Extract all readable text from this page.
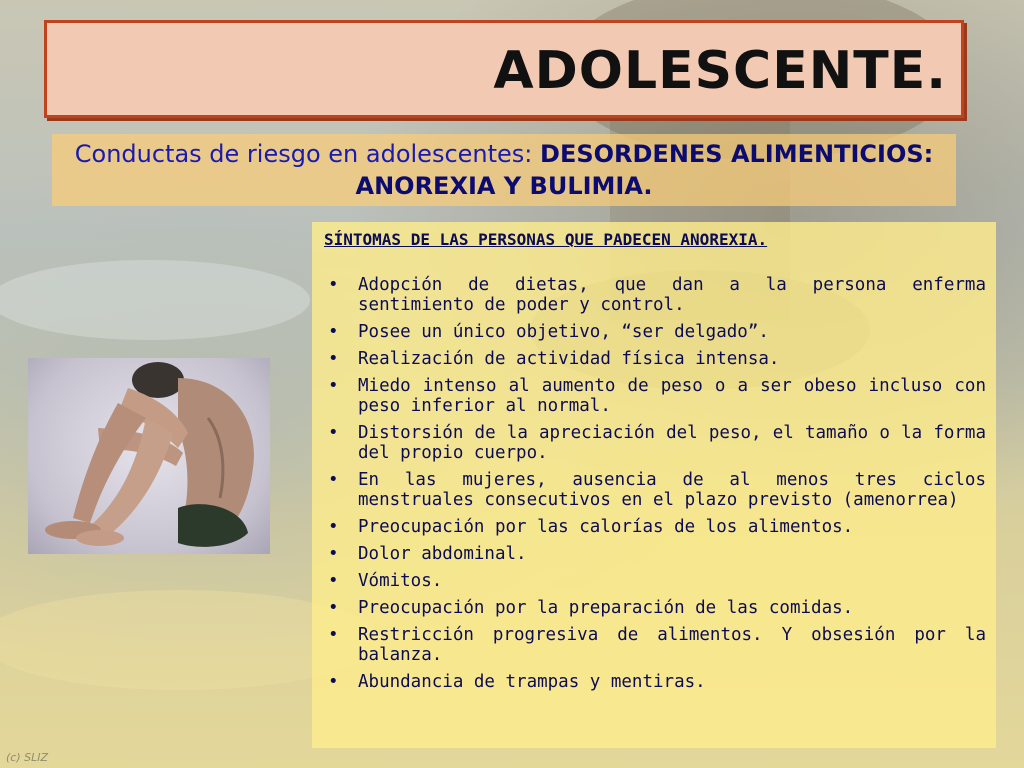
ADOLESCENTE.
Conductas de riesgo en adolescentes: DESORDENES ALIMENTICIOS: ANOREXIA Y BULIMIA.
SÍNTOMAS DE LAS PERSONAS QUE PADECEN ANOREXIA.
• Adopción de dietas, que dan a la persona enferma sentimiento de poder y control.
• Posee un único objetivo, “ser delgado”.
• Realización de actividad física intensa.
• Miedo intenso al aumento de peso o a ser obeso incluso con peso inferior al normal.
• Distorsión de la apreciación del peso, el tamaño o la forma del propio cuerpo.
• En las mujeres, ausencia de al menos tres ciclos menstruales consecutivos en el plazo previsto (amenorrea)
• Preocupación por las calorías de los alimentos.
• Dolor abdominal.
• Vómitos.
• Preocupación por la preparación de las comidas.
• Restricción progresiva de alimentos. Y obsesión por la balanza.
• Abundancia de trampas y mentiras.
(c) SLIZ
